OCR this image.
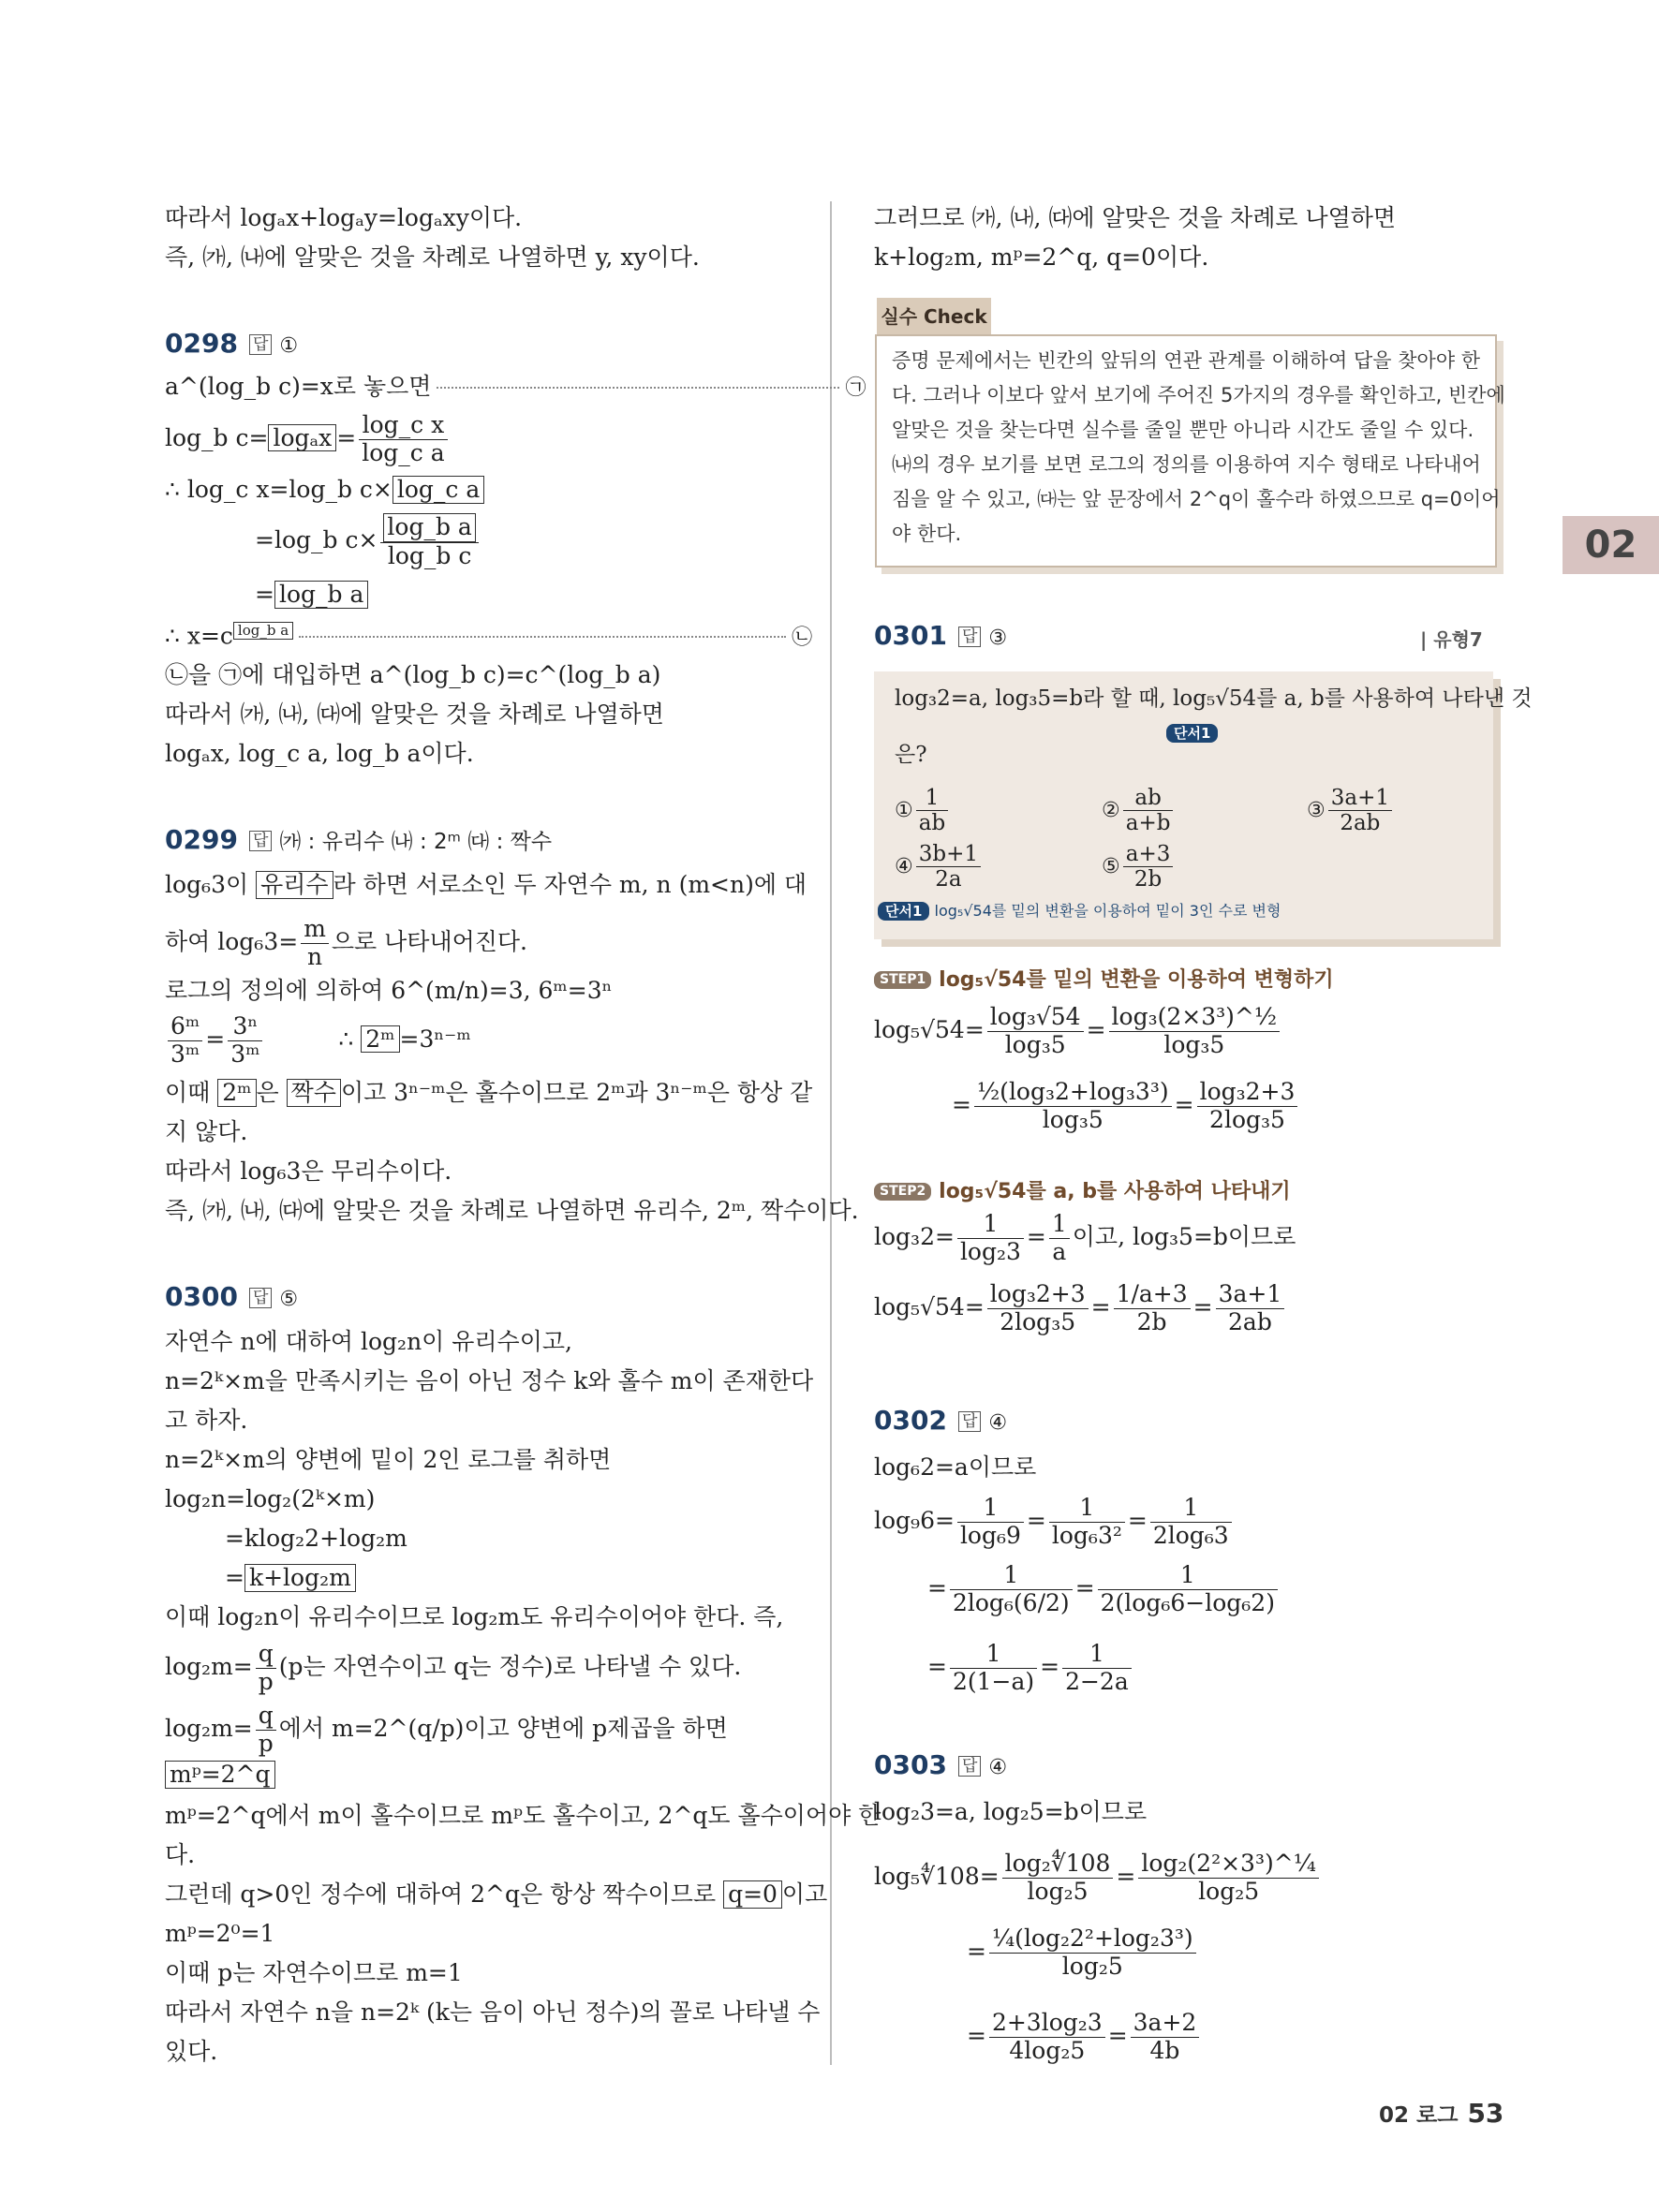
따라서 logₐx+logₐy=logₐxy이다.
즉, ㈎, ㈏에 알맞은 것을 차례로 나열하면 y, xy이다.
0298 답 ①
a^(log_b c)=x로 놓으면	㉠
log_b $c= \log_ax = \frac{\text{log\_c x}}{\text{log\_c a}}$
∴ log_c x=log_b c× log_c a
=log_b $c\times \frac{\text{log\_b a}}{\text{log\_b c}}$
= log_b a
∴ x=c $^{log\_b a}$	㉡
㉡을 ㉠에 대입하면 a^(log_b c)=c^(log_b a)
따라서 ㈎, ㈏, ㈐에 알맞은 것을 차례로 나열하면
logₐx, log_c a, log_b a이다.
0299 답 ㈎ : 유리수 ㈏ : 2ᵐ ㈐ : 짝수
log₆3이 유리수 라 하면 서로소인 두 자연수 m, n (m<n)에 대
하여 $\log_63= \frac{m}{n}$ 으로 나타내어진다.
로그의 정의에 의하여 6^(m/n)=3, 6ᵐ=3ⁿ
$\frac{\text{6ᵐ}}{\text{3ᵐ}} = \frac{\text{3ⁿ}}{\text{3ᵐ}}$	∴ 2ᵐ =3ⁿ⁻ᵐ
이때 2ᵐ 은 짝수 이고 3ⁿ⁻ᵐ은 홀수이므로 2ᵐ과 3ⁿ⁻ᵐ은 항상 같
지 않다.
따라서 log₆3은 무리수이다.
즉, ㈎, ㈏, ㈐에 알맞은 것을 차례로 나열하면 유리수, 2ᵐ, 짝수이다.
0300 답 ⑤
자연수 n에 대하여 log₂n이 유리수이고,
n=2ᵏ×m을 만족시키는 음이 아닌 정수 k와 홀수 m이 존재한다
고 하자.
n=2ᵏ×m의 양변에 밑이 2인 로그를 취하면
log₂n=log₂(2ᵏ×m)
=klog₂2+log₂m
= k+log₂m
이때 log₂n이 유리수이므로 log₂m도 유리수이어야 한다. 즉,
$\log_2m= \frac{q}{p} (p$는 자연수이고 q는 정수)로 나타낼 수 있다.
$\log_2m= \frac{q}{p}$ 에서 m=2^(q/p)이고 양변에 p제곱을 하면
mᵖ=2^q
mᵖ=2^q에서 m이 홀수이므로 mᵖ도 홀수이고, 2^q도 홀수이어야 한
다.
그런데 q>0인 정수에 대하여 2^q은 항상 짝수이므로 q=0 이고
mᵖ=2⁰=1
이때 p는 자연수이므로 m=1
따라서 자연수 n을 n=2ᵏ (k는 음이 아닌 정수)의 꼴로 나타낼 수
있다.
그러므로 ㈎, ㈏, ㈐에 알맞은 것을 차례로 나열하면
k+log₂m, mᵖ=2^q, q=0이다.
실수 Check
증명 문제에서는 빈칸의 앞뒤의 연관 관계를 이해하여 답을 찾아야 한
다. 그러나 이보다 앞서 보기에 주어진 5가지의 경우를 확인하고, 빈칸에
알맞은 것을 찾는다면 실수를 줄일 뿐만 아니라 시간도 줄일 수 있다.
㈏의 경우 보기를 보면 로그의 정의를 이용하여 지수 형태로 나타내어
짐을 알 수 있고, ㈐는 앞 문장에서 2^q이 홀수라 하였으므로 q=0이어
야 한다.	02
0301 답 ③	| 유형7
log₃2=a, log₃5=b라 할 때, log₅√54를 a, b를 사용하여 나타낸 것
단서1
은?
① $\frac{1}{ab}$	② $\frac{ab}{a+b}$	③ $\frac{3a+1}{2ab}$
④ $\frac{3b+1}{2a}$	⑤ $\frac{a+3}{2b}$
단서1 log₅√54를 밑의 변환을 이용하여 밑이 3인 수로 변형
STEP1 log₅√54를 밑의 변환을 이용하여 변형하기
$\log_5√54= \frac{\text{log₃√54}}{\text{log₃5}} = \frac{\text{log₃(2×3³)\textasciicircum{}½}}{\text{log₃5}}$
= $\frac{\text{½(log₃2+log₃3³)}}{\text{log₃5}} = \frac{\text{log₃2+3}}{\text{2log₃5}}$
STEP2 log₅√54를 a, b를 사용하여 나타내기
$\log_32= \frac{1}{\text{log₂3}} = \frac{1}{a}$ 이고, log₃5=b이므로
$\log_5√54= \frac{\text{log₃2+3}}{\text{2log₃5}} = \frac{1/a+3}{2b} = \frac{3a+1}{2ab}$
0302 답 ④
log₆2=a이므로
$\log_96= \frac{1}{\text{log₆9}} = \frac{1}{\text{log₆3²}} = \frac{1}{\text{2log₆3}}$
= $\frac{1}{\text{2log₆(6/2)}} = \frac{1}{\text{2(log₆6−log₆2)}}$
= $\frac{1}{2(1-a)} = \frac{1}{2-2a}$
0303 답 ④
log₂3=a, log₂5=b이므로
log₅∜108= $\frac{\text{log₂∜108}}{\text{log₂5}} = \frac{\text{log₂(2²×3³)\textasciicircum{}¼}}{\text{log₂5}}$
= $\frac{\text{¼(log₂2²+log₂3³)}}{\text{log₂5}}$
= $\frac{\text{2+3log₂3}}{\text{4log₂5}} = \frac{3a+2}{4b}$
02 로그 53
